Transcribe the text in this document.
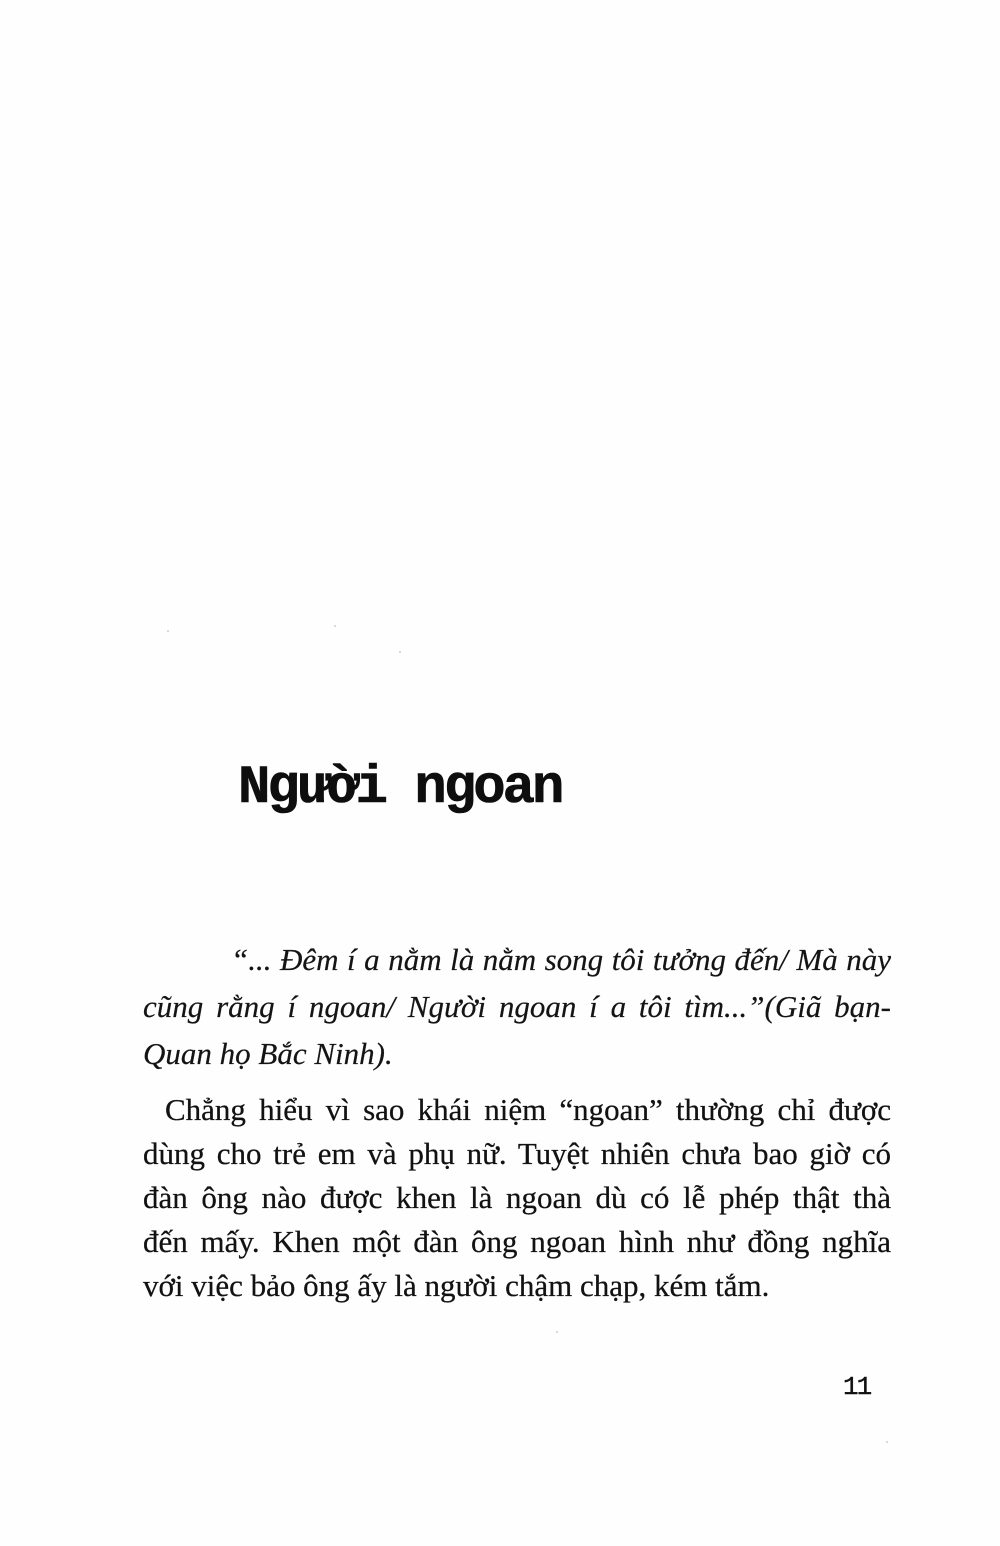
Người ngoan
“... Đêm í a nằm là nằm song tôi tưởng đến/ Mà này
cũng rằng í ngoan/ Người ngoan í a tôi tìm...”(Giã bạn-
Quan họ Bắc Ninh).
Chẳng hiểu vì sao khái niệm “ngoan” thường chỉ được
dùng cho trẻ em và phụ nữ. Tuyệt nhiên chưa bao giờ có
đàn ông nào được khen là ngoan dù có lễ phép thật thà
đến mấy. Khen một đàn ông ngoan hình như đồng nghĩa
với việc bảo ông ấy là người chậm chạp, kém tắm.
11
